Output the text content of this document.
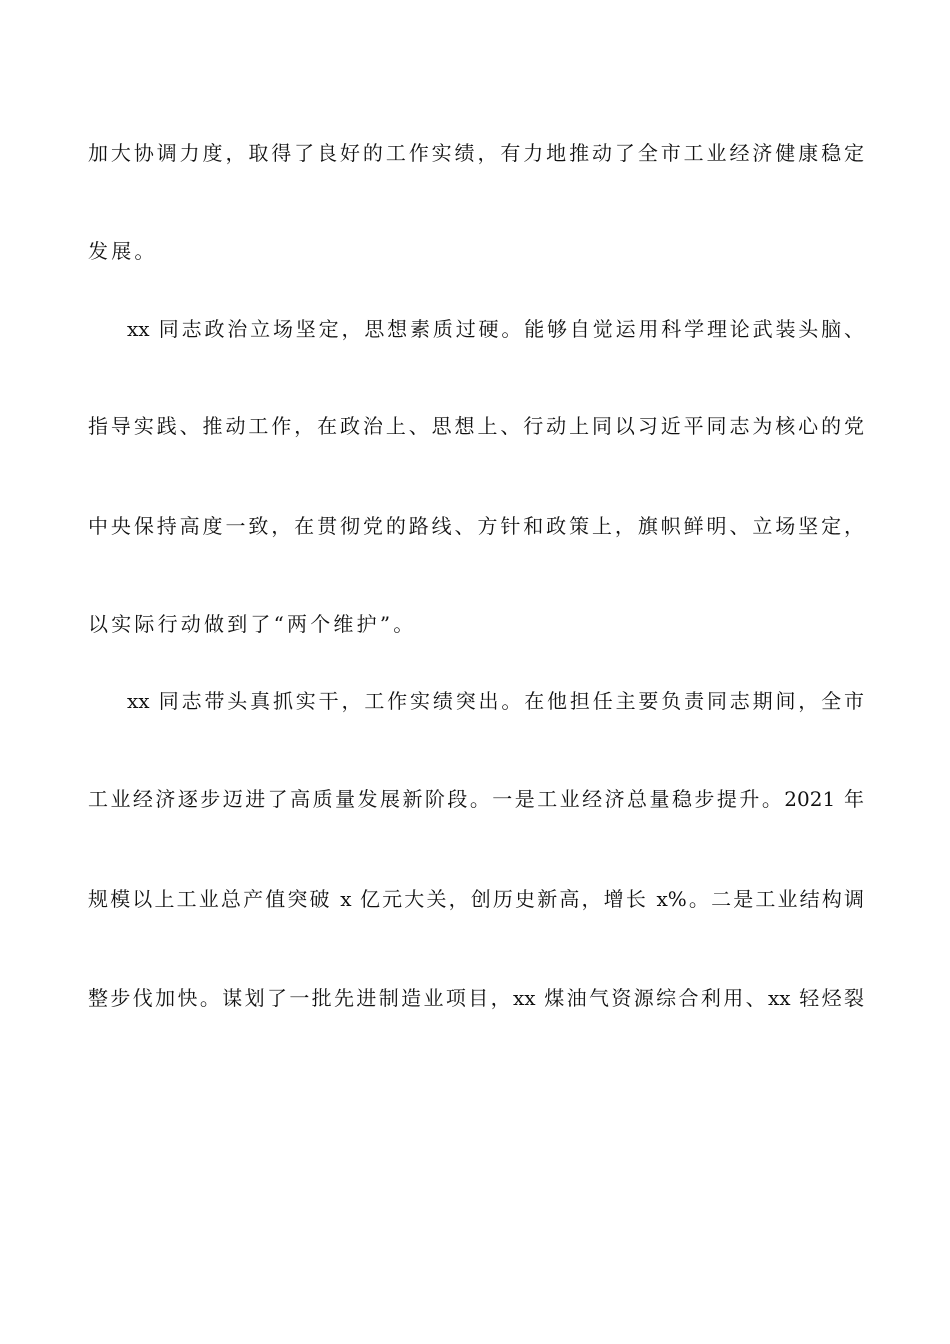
加大协调力度，取得了良好的工作实绩，有力地推动了全市工业经济健康稳定
发展。
xx 同志政治立场坚定，思想素质过硬。能够自觉运用科学理论武装头脑、
指导实践、推动工作，在政治上、思想上、行动上同以习近平同志为核心的党
中央保持高度一致，在贯彻党的路线、方针和政策上，旗帜鲜明、立场坚定，
以实际行动做到了“两个维护”。
xx 同志带头真抓实干，工作实绩突出。在他担任主要负责同志期间，全市
工业经济逐步迈进了高质量发展新阶段。一是工业经济总量稳步提升。2021 年
规模以上工业总产值突破 x 亿元大关，创历史新高，增长 x%。二是工业结构调
整步伐加快。谋划了一批先进制造业项目，xx 煤油气资源综合利用、xx 轻烃裂
